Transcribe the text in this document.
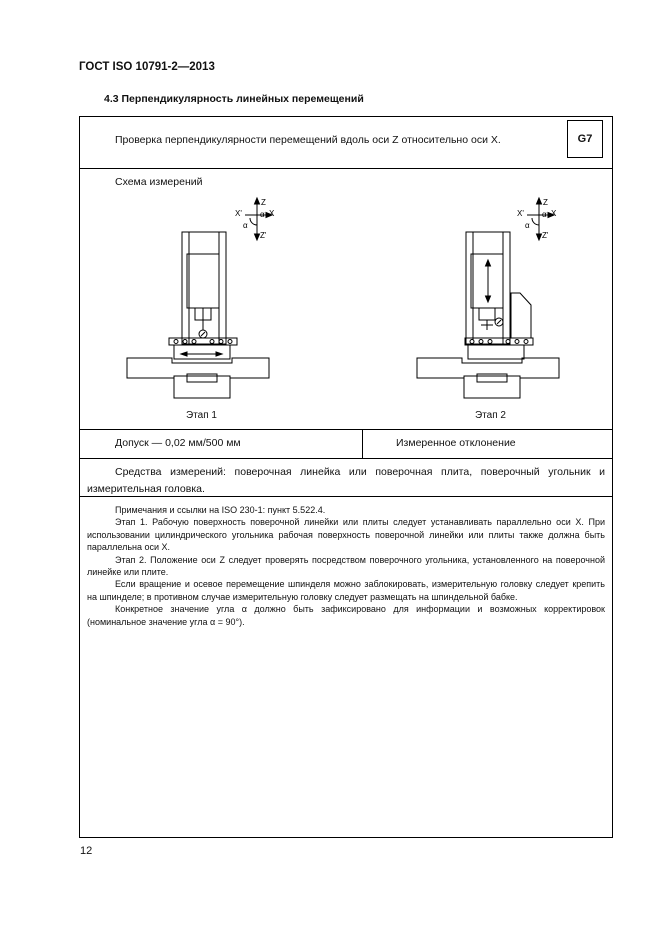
ГОСТ ISO 10791-2—2013
4.3 Перпендикулярность линейных перемещений
Проверка перпендикулярности перемещений вдоль оси Z относительно оси X.	G7
Схема измерений
Z
X' α X
α
Z'
Z
X' α X
α
Z'
Этап 1	Этап 2
Допуск — 0,02 мм/500 мм	Измеренное отклонение
Средства измерений: поверочная линейка или поверочная плита, поверочный угольник и измерительная головка.

Примечания и ссылки на ISO 230-1: пункт 5.522.4.

Этап 1. Рабочую поверхность поверочной линейки или плиты следует устанавливать параллельно оси X. При использовании цилиндрического угольника рабочая поверхность поверочной линейки или плиты также должна быть параллельна оси X.

Этап 2. Положение оси Z следует проверять посредством поверочного угольника, установленного на поверочной линейке или плите.

Если вращение и осевое перемещение шпинделя можно заблокировать, измерительную головку следует крепить на шпинделе; в противном случае измерительную головку следует размещать на шпиндельной бабке.

Конкретное значение угла α должно быть зафиксировано для информации и возможных корректировок (номинальное значение угла α = 90°).

12
